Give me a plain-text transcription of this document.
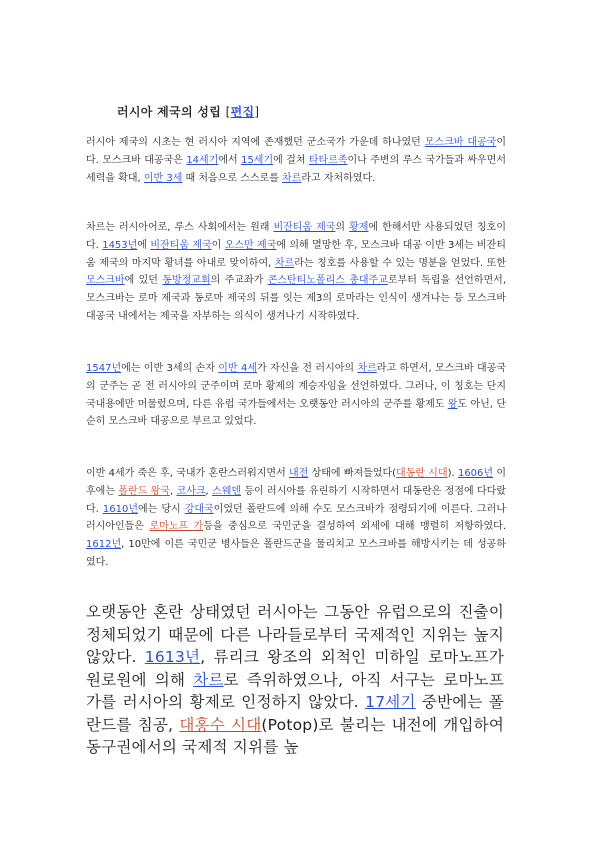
러시아 제국의 성립 [편집]
러시아 제국의 시초는 현 러시아 지역에 존재했던 군소국가 가운데 하나였던 모스크바 대공국이다. 모스크바 대공국은 14세기에서 15세기에 걸쳐 타타르족이나 주변의 루스 국가들과 싸우면서 세력을 확대, 이반 3세 때 처음으로 스스로를 차르라고 자처하였다.
차르는 러시아어로, 루스 사회에서는 원래 비잔티움 제국의 황제에 한해서만 사용되었던 칭호이다. 1453년에 비잔티움 제국이 오스만 제국에 의해 멸망한 후, 모스크바 대공 이반 3세는 비잔티움 제국의 마지막 황녀를 아내로 맞이하여, 차르라는 칭호를 사용할 수 있는 명분을 얻었다. 또한 모스크바에 있던 동방정교회의 주교좌가 콘스탄티노폴리스 총대주교로부터 독립을 선언하면서, 모스크바는 로마 제국과 동로마 제국의 뒤를 잇는 제3의 로마라는 인식이 생겨나는 등 모스크바 대공국 내에서는 제국을 자부하는 의식이 생겨나기 시작하였다.
1547년에는 이반 3세의 손자 이반 4세가 자신을 전 러시아의 차르라고 하면서, 모스크바 대공국의 군주는 곧 전 러시아의 군주이며 로마 황제의 계승자임을 선언하였다. 그러나, 이 칭호는 단지 국내용에만 머물렀으며, 다른 유럽 국가들에서는 오랫동안 러시아의 군주를 황제도 왕도 아닌, 단순히 모스크바 대공으로 부르고 있었다.
이반 4세가 죽은 후, 국내가 혼란스러워지면서 내전 상태에 빠져들었다(대동란 시대). 1606년 이후에는 폴란드 왕국, 코사크, 스웨덴 등이 러시아를 유린하기 시작하면서 대동란은 정점에 다다랐다. 1610년에는 당시 강대국이었던 폴란드에 의해 수도 모스크바가 점령되기에 이른다. 그러나 러시아인들은 로마노프 가등을 중심으로 국민군을 결성하여 외세에 대해 맹렬히 저항하였다. 1612년, 10만에 이른 국민군 병사들은 폴란드군을 물리치고 모스크바를 해방시키는 데 성공하였다.
오랫동안 혼란 상태였던 러시아는 그동안 유럽으로의 진출이 정체되었기 때문에 다른 나라들로부터 국제적인 지위는 높지 않았다. 1613년, 류리크 왕조의 외척인 미하일 로마노프가 원로원에 의해 차르로 즉위하였으나, 아직 서구는 로마노프 가를 러시아의 황제로 인정하지 않았다. 17세기 중반에는 폴란드를 침공, 대홍수 시대(Potop)로 불리는 내전에 개입하여 동구권에서의 국제적 지위를 높
